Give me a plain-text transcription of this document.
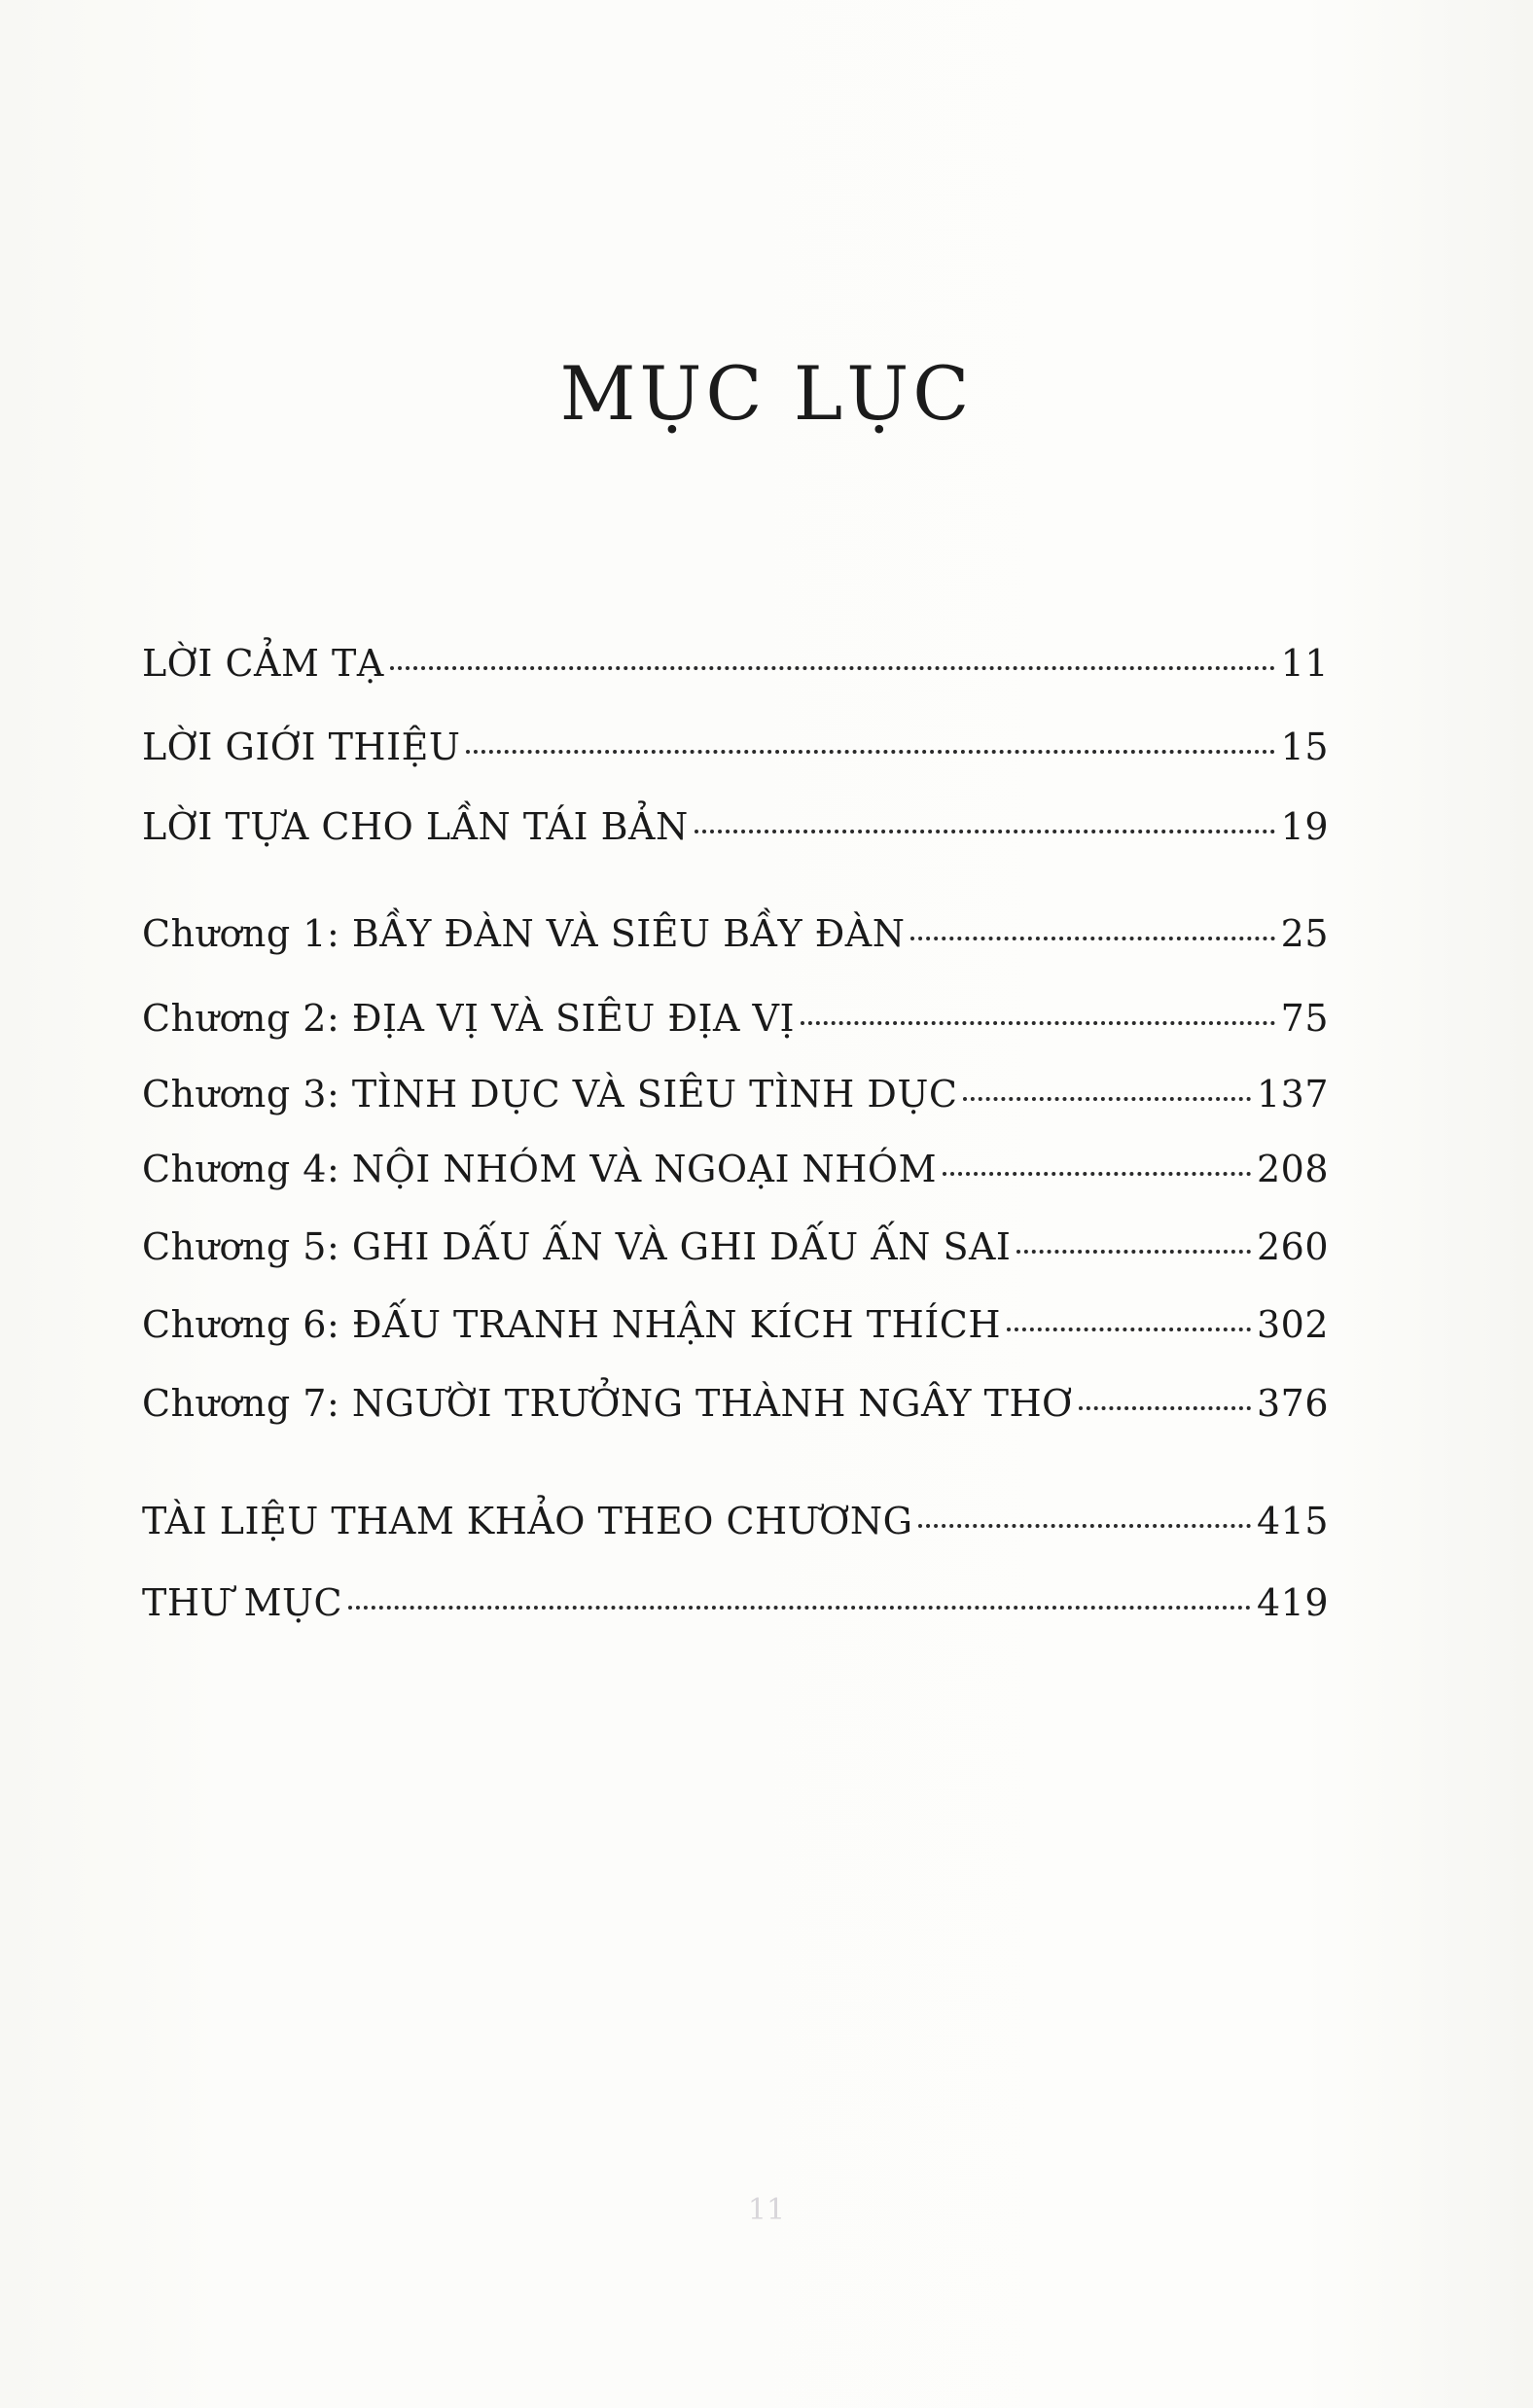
MỤC LỤC
LỜI CẢM TẠ	11
LỜI GIỚI THIỆU	15
LỜI TỰA CHO LẦN TÁI BẢN	19
Chương 1: BẦY ĐÀN VÀ SIÊU BẦY ĐÀN	25
Chương 2: ĐỊA VỊ VÀ SIÊU ĐỊA VỊ	75
Chương 3: TÌNH DỤC VÀ SIÊU TÌNH DỤC	137
Chương 4: NỘI NHÓM VÀ NGOẠI NHÓM	208
Chương 5: GHI DẤU ẤN VÀ GHI DẤU ẤN SAI	260
Chương 6: ĐẤU TRANH NHẬN KÍCH THÍCH	302
Chương 7: NGƯỜI TRƯỞNG THÀNH NGÂY THƠ	376
TÀI LIỆU THAM KHẢO THEO CHƯƠNG	415
THƯ MỤC	419
11
